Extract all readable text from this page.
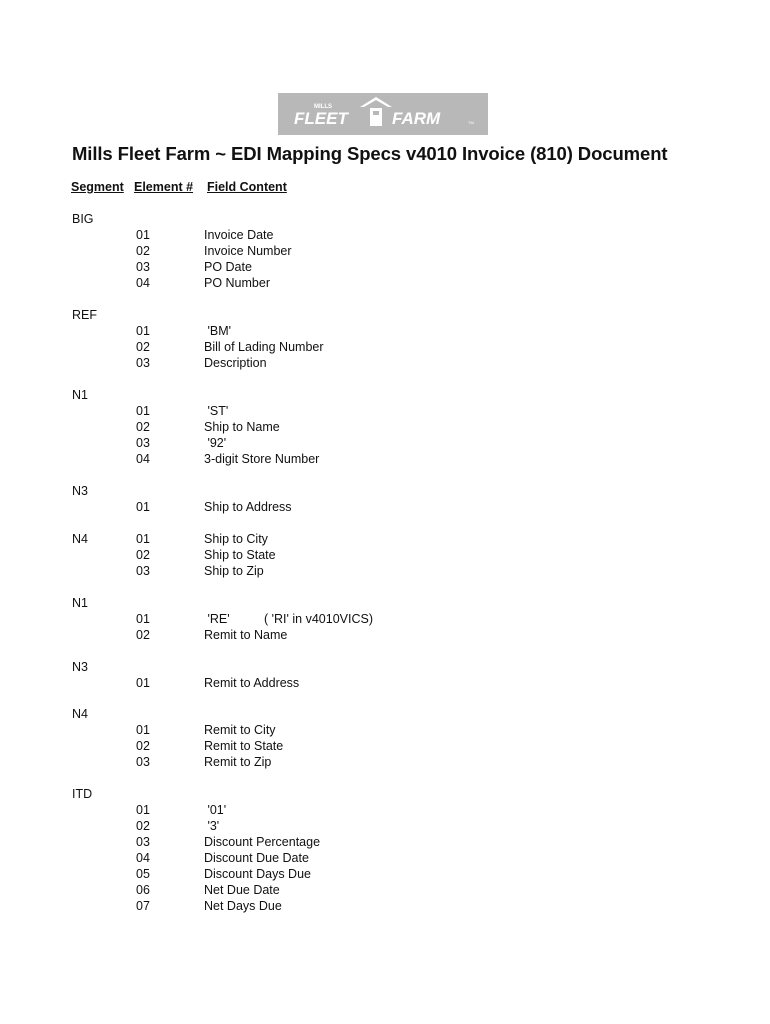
MILLS
FLEET	FARM	TM
Mills Fleet Farm ~ EDI Mapping Specs v4010 Invoice (810) Document
Segment Element # Field Content
BIG
01	Invoice Date
02	Invoice Number
03	PO Date
04	PO Number
REF
01	'BM'
02	Bill of Lading Number
03	Description
N1
01	'ST'
02	Ship to Name
03	'92'
04	3-digit Store Number
N3
01	Ship to Address
N4	01	Ship to City
02	Ship to State
03	Ship to Zip
N1
01	'RE'	( 'RI' in v4010VICS)
02	Remit to Name
N3
01	Remit to Address
N4
01	Remit to City
02	Remit to State
03	Remit to Zip
ITD
01	'01'
02	'3'
03	Discount Percentage
04	Discount Due Date
05	Discount Days Due
06	Net Due Date
07	Net Days Due
